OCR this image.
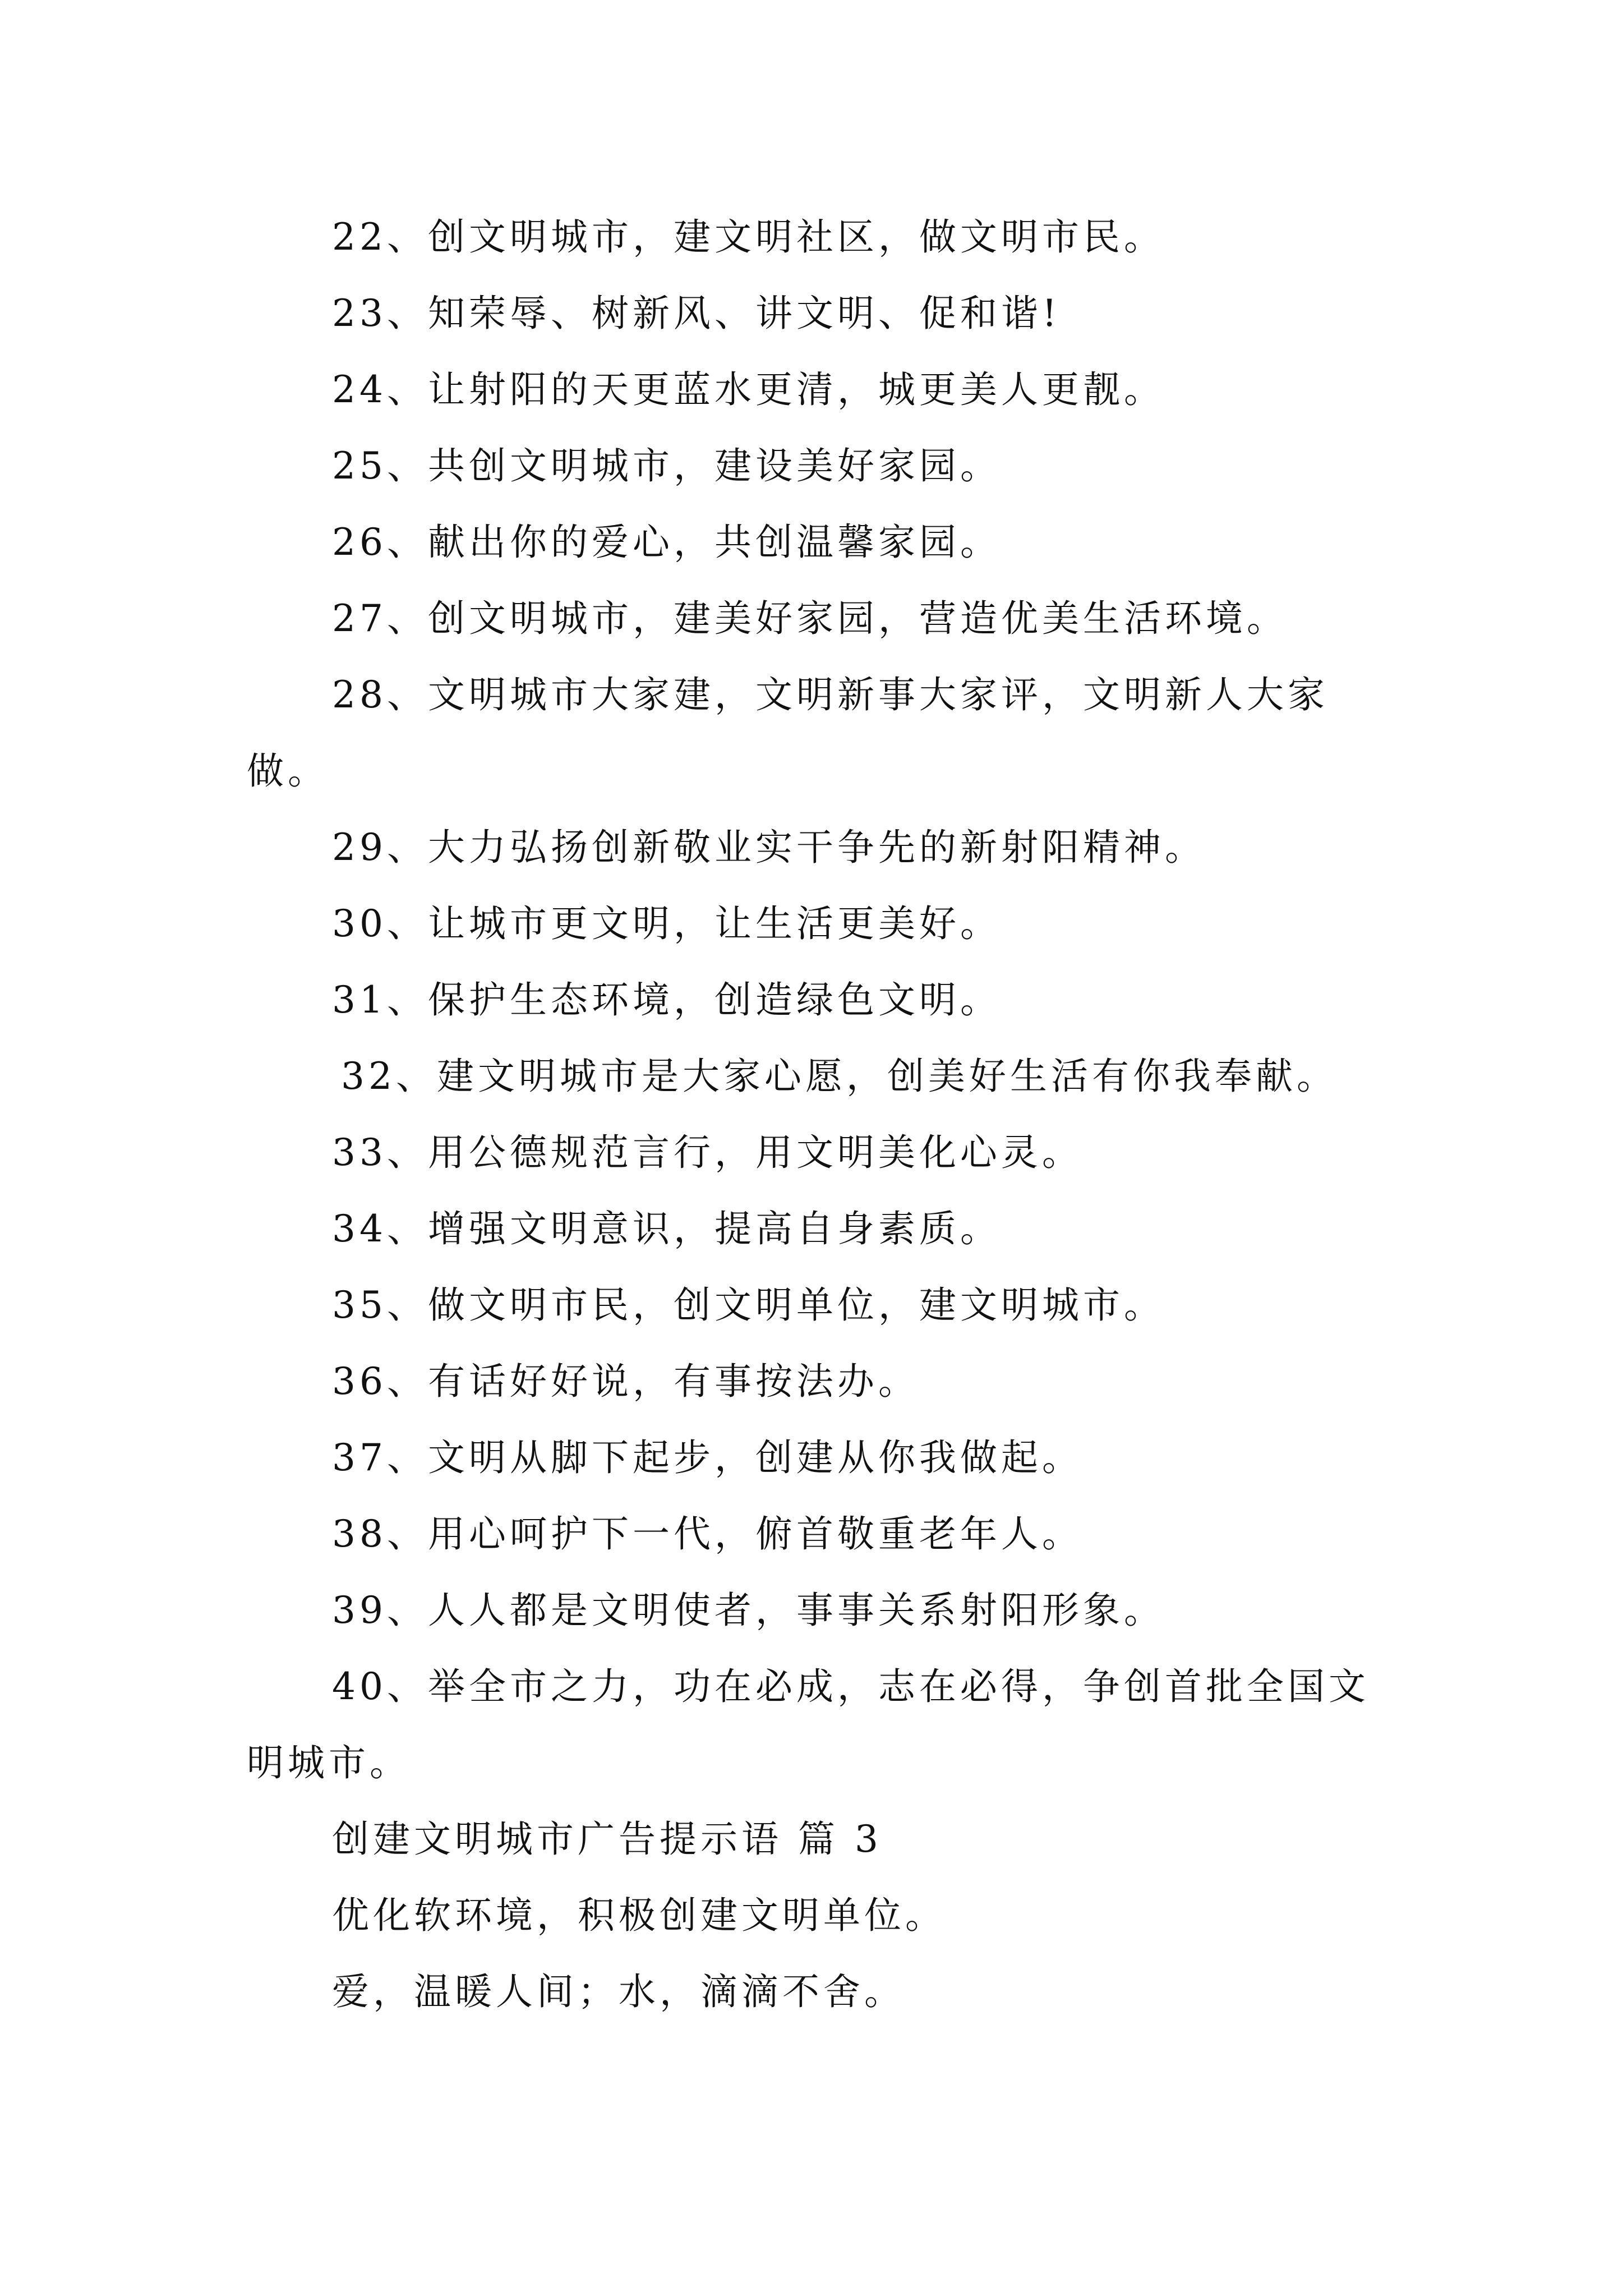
22、创文明城市，建文明社区，做文明市民。

23、知荣辱、树新风、讲文明、促和谐!

24、让射阳的天更蓝水更清，城更美人更靓。

25、共创文明城市，建设美好家园。

26、献出你的爱心，共创温馨家园。

27、创文明城市，建美好家园，营造优美生活环境。

28、文明城市大家建，文明新事大家评，文明新人大家做。

29、大力弘扬创新敬业实干争先的新射阳精神。

30、让城市更文明，让生活更美好。

31、保护生态环境，创造绿色文明。

32、建文明城市是大家心愿，创美好生活有你我奉献。

33、用公德规范言行，用文明美化心灵。

34、增强文明意识，提高自身素质。

35、做文明市民，创文明单位，建文明城市。

36、有话好好说，有事按法办。

37、文明从脚下起步，创建从你我做起。

38、用心呵护下一代，俯首敬重老年人。

39、人人都是文明使者，事事关系射阳形象。

40、举全市之力，功在必成，志在必得，争创首批全国文明城市。

创建文明城市广告提示语 篇 3

优化软环境，积极创建文明单位。

爱，温暖人间；水，滴滴不舍。
